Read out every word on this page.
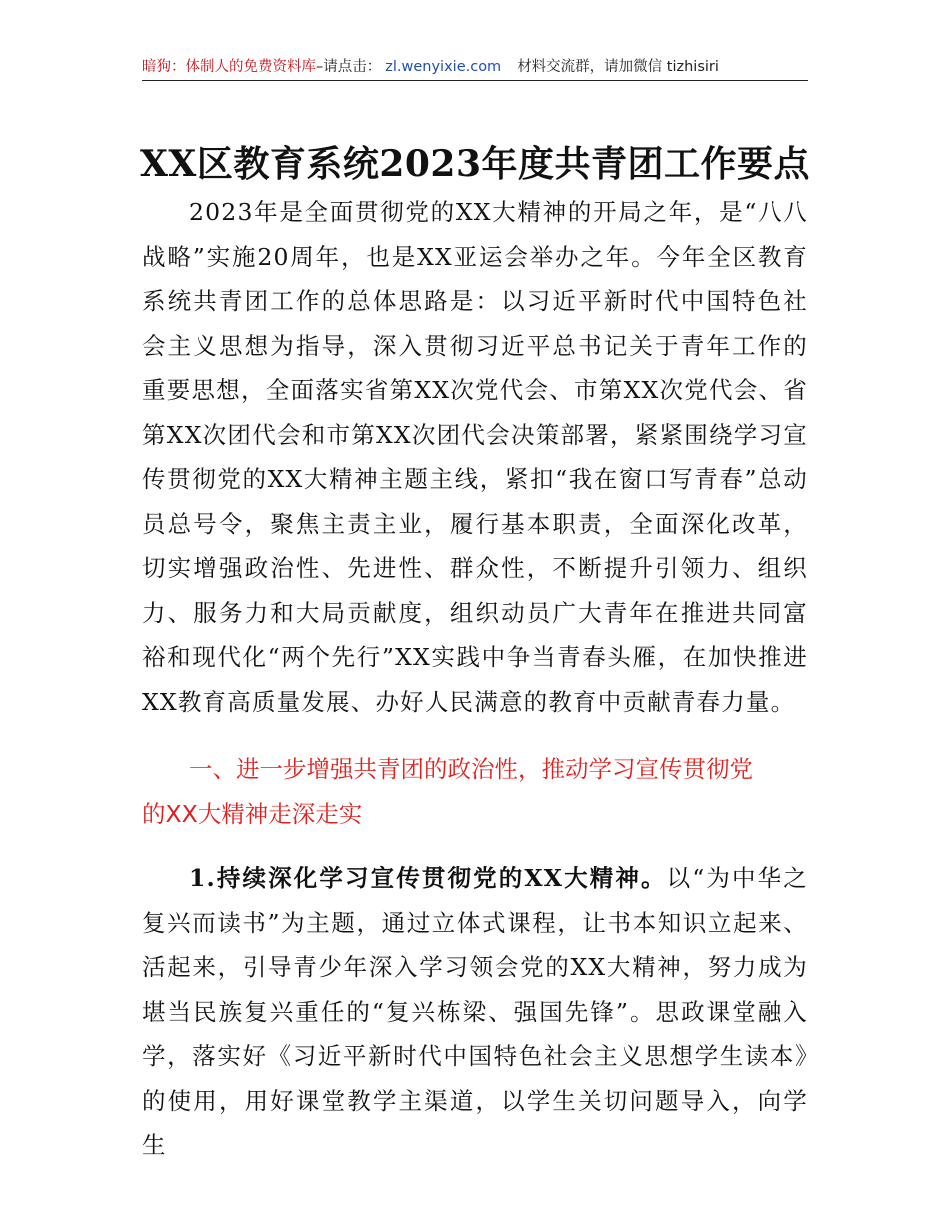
暗狗：体制人的免费资料库–请点击： zl.wenyixie.com 材料交流群，请加微信 tizhisiri
XX区教育系统2023年度共青团工作要点

2023年是全面贯彻党的XX大精神的开局之年，是“八八战略”实施20周年，也是XX亚运会举办之年。今年全区教育系统共青团工作的总体思路是：以习近平新时代中国特色社会主义思想为指导，深入贯彻习近平总书记关于青年工作的重要思想，全面落实省第XX次党代会、市第XX次党代会、省第XX次团代会和市第XX次团代会决策部署，紧紧围绕学习宣传贯彻党的XX大精神主题主线，紧扣“我在窗口写青春”总动员总号令，聚焦主责主业，履行基本职责，全面深化改革，切实增强政治性、先进性、群众性，不断提升引领力、组织力、服务力和大局贡献度，组织动员广大青年在推进共同富裕和现代化“两个先行”XX实践中争当青春头雁，在加快推进XX教育高质量发展、办好人民满意的教育中贡献青春力量。

一、进一步增强共青团的政治性，推动学习宣传贯彻党
的XX大精神走深走实

1.持续深化学习宣传贯彻党的XX大精神。以“为中华之复兴而读书”为主题，通过立体式课程，让书本知识立起来、活起来，引导青少年深入学习领会党的XX大精神，努力成为堪当民族复兴重任的“复兴栋梁、强国先锋”。思政课堂融入学，落实好《习近平新时代中国特色社会主义思想学生读本》的使用，用好课堂教学主渠道，以学生关切问题导入，向学生
